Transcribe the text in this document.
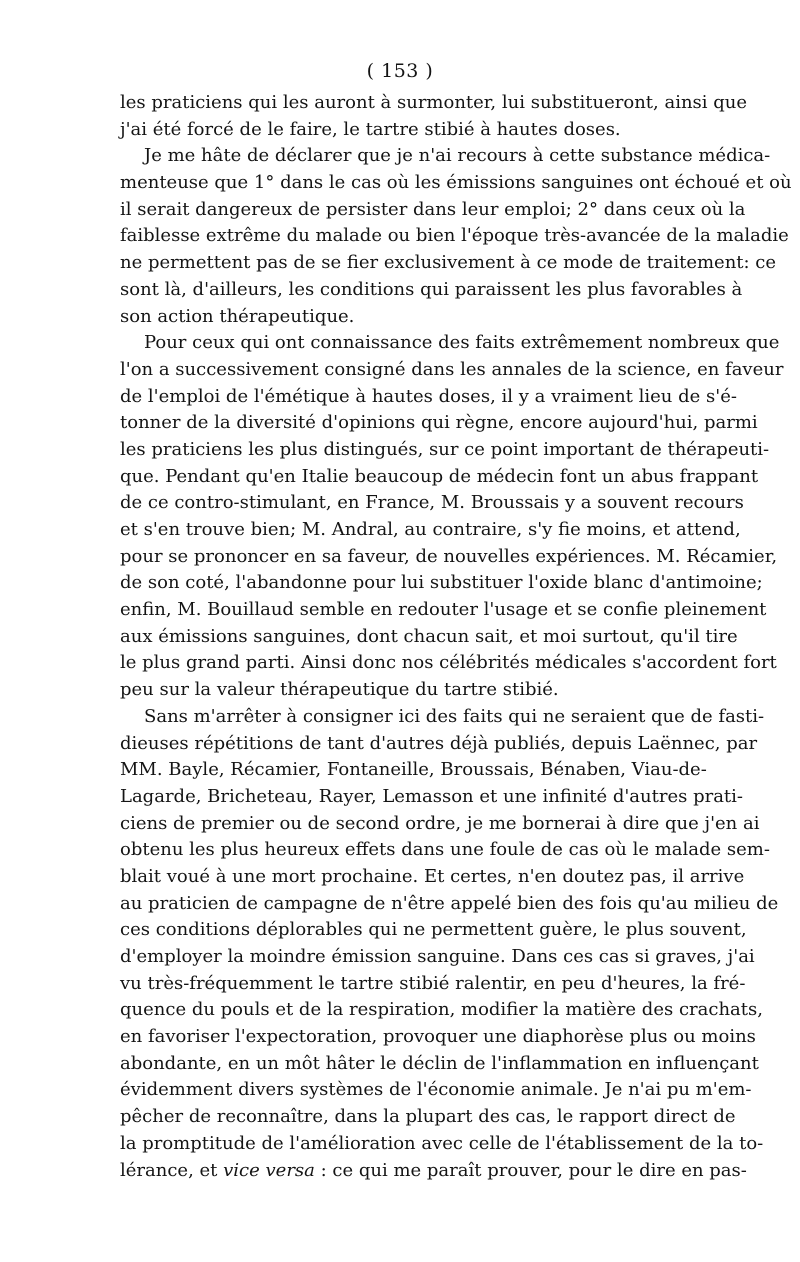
( 153 )
les praticiens qui les auront à surmonter, lui substitueront, ainsi que
j'ai été forcé de le faire, le tartre stibié à hautes doses.
Je me hâte de déclarer que je n'ai recours à cette substance médica-
menteuse que 1° dans le cas où les émissions sanguines ont échoué et où
il serait dangereux de persister dans leur emploi; 2° dans ceux où la
faiblesse extrême du malade ou bien l'époque très-avancée de la maladie
ne permettent pas de se fier exclusivement à ce mode de traitement: ce
sont là, d'ailleurs, les conditions qui paraissent les plus favorables à
son action thérapeutique.
Pour ceux qui ont connaissance des faits extrêmement nombreux que
l'on a successivement consigné dans les annales de la science, en faveur
de l'emploi de l'émétique à hautes doses, il y a vraiment lieu de s'é-
tonner de la diversité d'opinions qui règne, encore aujourd'hui, parmi
les praticiens les plus distingués, sur ce point important de thérapeuti-
que. Pendant qu'en Italie beaucoup de médecin font un abus frappant
de ce contro-stimulant, en France, M. Broussais y a souvent recours
et s'en trouve bien; M. Andral, au contraire, s'y fie moins, et attend,
pour se prononcer en sa faveur, de nouvelles expériences. M. Récamier,
de son coté, l'abandonne pour lui substituer l'oxide blanc d'antimoine;
enfin, M. Bouillaud semble en redouter l'usage et se confie pleinement
aux émissions sanguines, dont chacun sait, et moi surtout, qu'il tire
le plus grand parti. Ainsi donc nos célébrités médicales s'accordent fort
peu sur la valeur thérapeutique du tartre stibié.
Sans m'arrêter à consigner ici des faits qui ne seraient que de fasti-
dieuses répétitions de tant d'autres déjà publiés, depuis Laënnec, par
MM. Bayle, Récamier, Fontaneille, Broussais, Bénaben, Viau-de-
Lagarde, Bricheteau, Rayer, Lemasson et une infinité d'autres prati-
ciens de premier ou de second ordre, je me bornerai à dire que j'en ai
obtenu les plus heureux effets dans une foule de cas où le malade sem-
blait voué à une mort prochaine. Et certes, n'en doutez pas, il arrive
au praticien de campagne de n'être appelé bien des fois qu'au milieu de
ces conditions déplorables qui ne permettent guère, le plus souvent,
d'employer la moindre émission sanguine. Dans ces cas si graves, j'ai
vu très-fréquemment le tartre stibié ralentir, en peu d'heures, la fré-
quence du pouls et de la respiration, modifier la matière des crachats,
en favoriser l'expectoration, provoquer une diaphorèse plus ou moins
abondante, en un môt hâter le déclin de l'inflammation en influençant
évidemment divers systèmes de l'économie animale. Je n'ai pu m'em-
pêcher de reconnaître, dans la plupart des cas, le rapport direct de
la promptitude de l'amélioration avec celle de l'établissement de la to-
lérance, et vice versa : ce qui me paraît prouver, pour le dire en pas-
